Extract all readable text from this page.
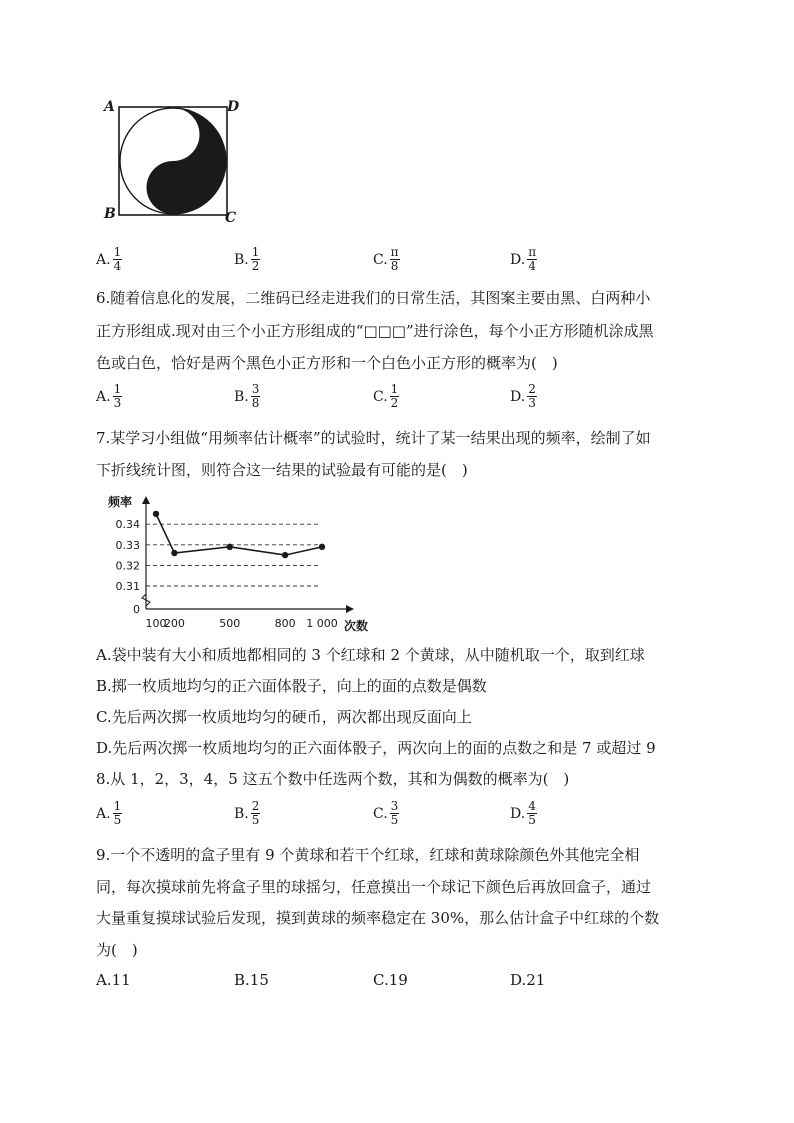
A	D
B	C
A. $\frac{1}{4}$	B. $\frac{1}{2}$	C. $\frac{\pi}{8}$	D. $\frac{\pi}{4}$
6.随着信息化的发展，二维码已经走进我们的日常生活，其图案主要由黑、白两种小
正方形组成.现对由三个小正方形组成的“□□□”进行涂色，每个小正方形随机涂成黑
色或白色，恰好是两个黑色小正方形和一个白色小正方形的概率为(　)
A. $\frac{1}{3}$	B. $\frac{3}{8}$	C. $\frac{1}{2}$	D. $\frac{2}{3}$
7.某学习小组做“用频率估计概率”的试验时，统计了某一结果出现的频率，绘制了如
下折线统计图，则符合这一结果的试验最有可能的是(　)
0.31
0.32
0.33
0.34
0
频率
次数
100
200	500	800 1 000
A.袋中装有大小和质地都相同的 3 个红球和 2 个黄球，从中随机取一个，取到红球
B.掷一枚质地均匀的正六面体骰子，向上的面的点数是偶数
C.先后两次掷一枚质地均匀的硬币，两次都出现反面向上
D.先后两次掷一枚质地均匀的正六面体骰子，两次向上的面的点数之和是 7 或超过 9
8.从 1，2，3，4，5 这五个数中任选两个数，其和为偶数的概率为(　)
A. $\frac{1}{5}$	B. $\frac{2}{5}$	C. $\frac{3}{5}$	D. $\frac{4}{5}$
9.一个不透明的盒子里有 9 个黄球和若干个红球，红球和黄球除颜色外其他完全相
同，每次摸球前先将盒子里的球摇匀，任意摸出一个球记下颜色后再放回盒子，通过
大量重复摸球试验后发现，摸到黄球的频率稳定在 30%，那么估计盒子中红球的个数
为(　)
A.11	B.15	C.19	D.21
